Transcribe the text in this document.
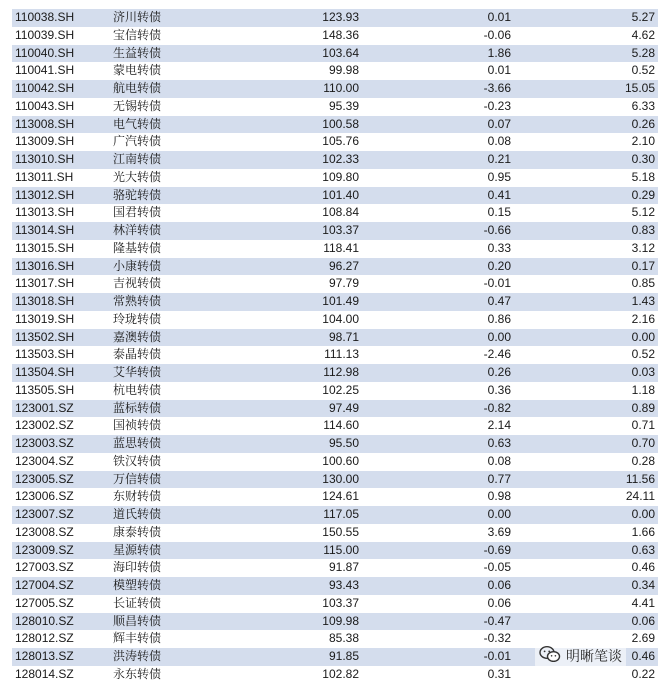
110038.SH	济川转债	123.93	0.01	5.27
110039.SH	宝信转债	148.36	-0.06	4.62
110040.SH	生益转债	103.64	1.86	5.28
110041.SH	蒙电转债	99.98	0.01	0.52
110042.SH	航电转债	110.00	-3.66	15.05
110043.SH	无锡转债	95.39	-0.23	6.33
113008.SH	电气转债	100.58	0.07	0.26
113009.SH	广汽转债	105.76	0.08	2.10
113010.SH	江南转债	102.33	0.21	0.30
113011.SH	光大转债	109.80	0.95	5.18
113012.SH	骆驼转债	101.40	0.41	0.29
113013.SH	国君转债	108.84	0.15	5.12
113014.SH	林洋转债	103.37	-0.66	0.83
113015.SH	隆基转债	118.41	0.33	3.12
113016.SH	小康转债	96.27	0.20	0.17
113017.SH	吉视转债	97.79	-0.01	0.85
113018.SH	常熟转债	101.49	0.47	1.43
113019.SH	玲珑转债	104.00	0.86	2.16
113502.SH	嘉澳转债	98.71	0.00	0.00
113503.SH	泰晶转债	111.13	-2.46	0.52
113504.SH	艾华转债	112.98	0.26	0.03
113505.SH	杭电转债	102.25	0.36	1.18
123001.SZ	蓝标转债	97.49	-0.82	0.89
123002.SZ	国祯转债	114.60	2.14	0.71
123003.SZ	蓝思转债	95.50	0.63	0.70
123004.SZ	铁汉转债	100.60	0.08	0.28
123005.SZ	万信转债	130.00	0.77	11.56
123006.SZ	东财转债	124.61	0.98	24.11
123007.SZ	道氏转债	117.05	0.00	0.00
123008.SZ	康泰转债	150.55	3.69	1.66
123009.SZ	星源转债	115.00	-0.69	0.63
127003.SZ	海印转债	91.87	-0.05	0.46
127004.SZ	模塑转债	93.43	0.06	0.34
127005.SZ	长证转债	103.37	0.06	4.41
128010.SZ	顺昌转债	109.98	-0.47	0.06
128012.SZ	辉丰转债	85.38	-0.32	2.69
128013.SZ	洪涛转债	91.85	-0.01	0.46
128014.SZ	永东转债	102.82	0.31	0.22
明晰笔谈
